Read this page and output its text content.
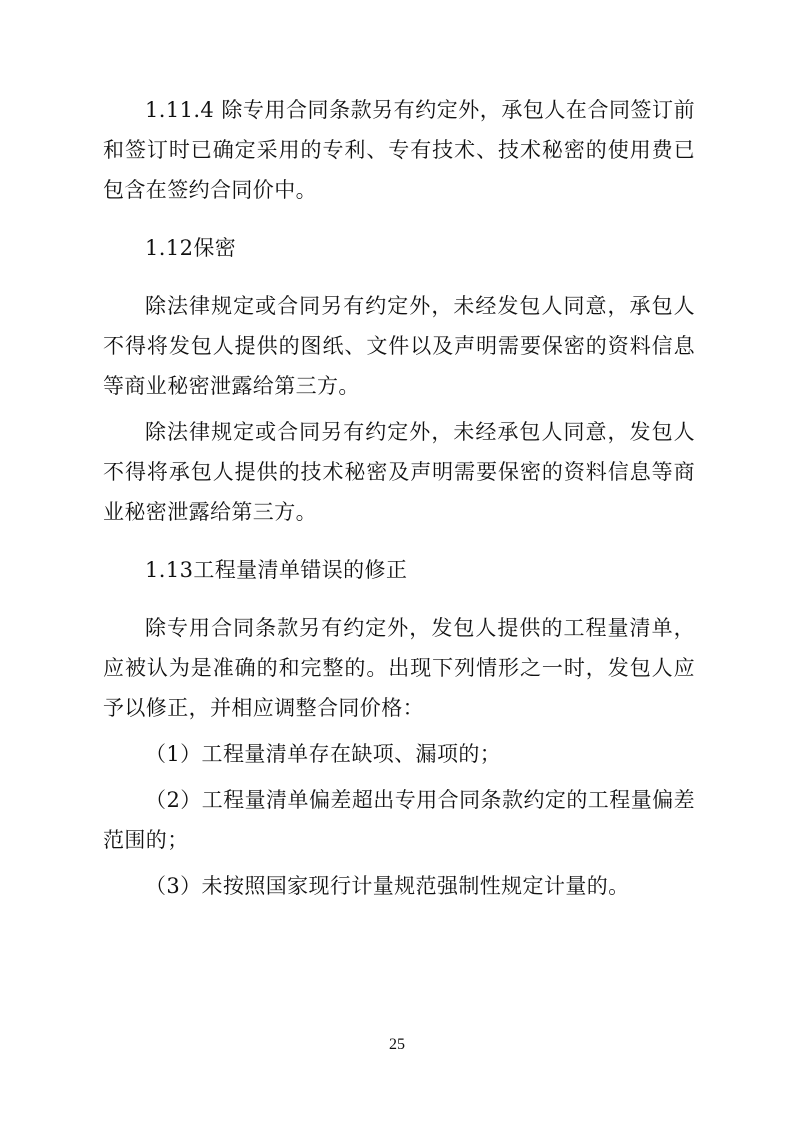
1.11.4 除专用合同条款另有约定外，承包人在合同签订前和签订时已确定采用的专利、专有技术、技术秘密的使用费已包含在签约合同价中。

1.12保密

除法律规定或合同另有约定外，未经发包人同意，承包人不得将发包人提供的图纸、文件以及声明需要保密的资料信息等商业秘密泄露给第三方。

除法律规定或合同另有约定外，未经承包人同意，发包人不得将承包人提供的技术秘密及声明需要保密的资料信息等商业秘密泄露给第三方。

1.13工程量清单错误的修正

除专用合同条款另有约定外，发包人提供的工程量清单，应被认为是准确的和完整的。出现下列情形之一时，发包人应予以修正，并相应调整合同价格：

（1）工程量清单存在缺项、漏项的；

（2）工程量清单偏差超出专用合同条款约定的工程量偏差范围的；

（3）未按照国家现行计量规范强制性规定计量的。

25
